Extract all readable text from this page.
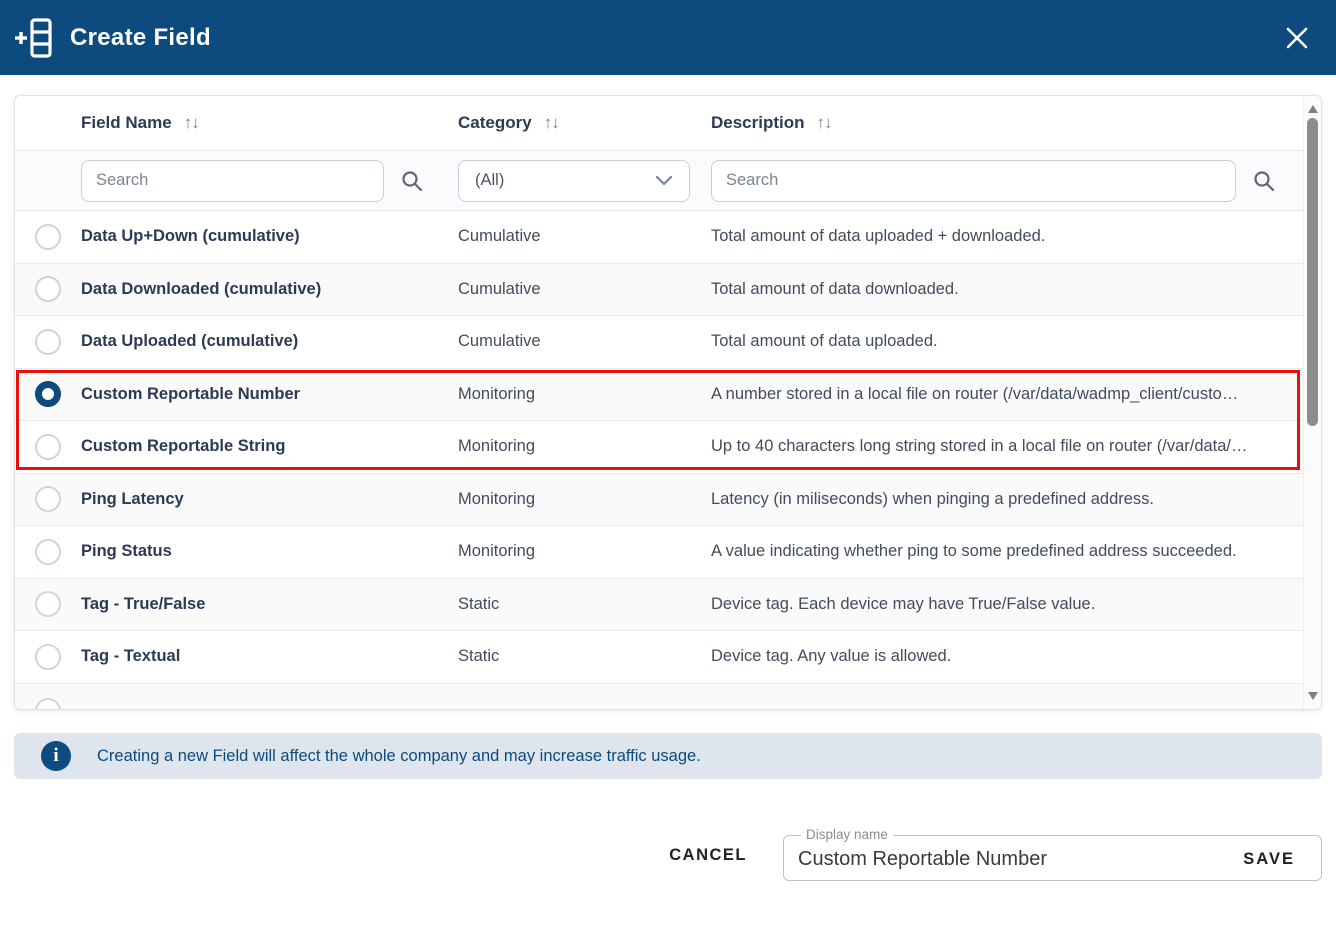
Create Field
Field Name ↑↓	Category ↑↓	Description ↑↓
Search
(All)
Search
Data Up+Down (cumulative)	Cumulative	Total amount of data uploaded + downloaded.
Data Downloaded (cumulative)	Cumulative	Total amount of data downloaded.
Data Uploaded (cumulative)	Cumulative	Total amount of data uploaded.
Custom Reportable Number	Monitoring	A number stored in a local file on router (/var/data/wadmp_client/custo…
Custom Reportable String	Monitoring	Up to 40 characters long string stored in a local file on router (/var/data/…
Ping Latency	Monitoring	Latency (in miliseconds) when pinging a predefined address.
Ping Status	Monitoring	A value indicating whether ping to some predefined address succeeded.
Tag - True/False	Static	Device tag. Each device may have True/False value.
Tag - Textual	Static	Device tag. Any value is allowed.
i	Creating a new Field will affect the whole company and may increase traffic usage.
CANCEL
Display name
Custom Reportable Number
SAVE
